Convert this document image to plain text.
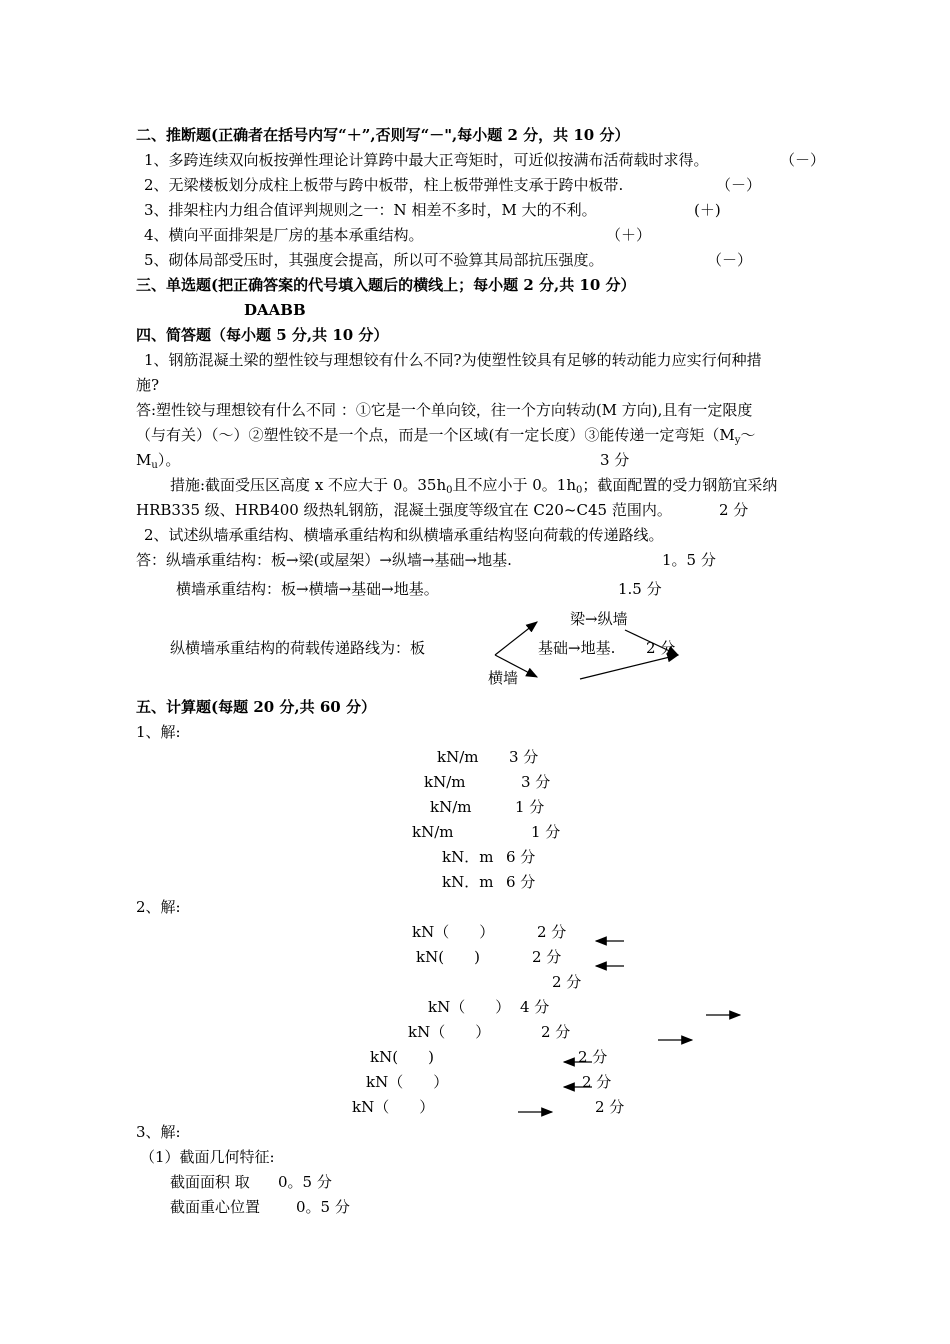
二、推断题(正确者在括号内写“＋”,否则写“－",每小题 2 分，共 10 分）
1、多跨连续双向板按弹性理论计算跨中最大正弯矩时，可近似按满布活荷载时求得。	（－）
2、无梁楼板划分成柱上板带与跨中板带，柱上板带弹性支承于跨中板带.	（－）
3、排架柱内力组合值评判规则之一：N 相差不多时，M 大的不利。	(＋)
4、横向平面排架是厂房的基本承重结构。	（＋）
5、砌体局部受压时，其强度会提高，所以可不验算其局部抗压强度。	（－）
三、单选题(把正确答案的代号填入题后的横线上；每小题 2 分,共 10 分）
DAABB
四、简答题（每小题 5 分,共 10 分）
1、钢筋混凝土梁的塑性铰与理想铰有什么不同?为使塑性铰具有足够的转动能力应实行何种措
施?
答:塑性铰与理想铰有什么不同 ：①它是一个单向铰，往一个方向转动(M 方向),且有一定限度
（与有关）（～）②塑性铰不是一个点，而是一个区域(有一定长度）③能传递一定弯矩（$M_y\sim$
$M_u$）。	3 分
措施:截面受压区高度 x 不应大于 0。$35h_0$且不应小于 0。$1h_0$；截面配置的受力钢筋宜采纳
HRB335 级、HRB400 级热轧钢筋，混凝土强度等级宜在 C20~C45 范围内。	2 分
2、试述纵墙承重结构、横墙承重结构和纵横墙承重结构竖向荷载的传递路线。
答：纵墙承重结构：板→梁(或屋架）→纵墙→基础→地基.	1。5 分
横墙承重结构：板→横墙→基础→地基。	1.5 分
梁→纵墙
纵横墙承重结构的荷载传递路线为：板	基础→地基. 2 分
横墙
五、计算题(每题 20 分,共 60 分）
1、解:
kN/m 3 分
kN/m	3 分
kN/m	1 分
kN/m	1 分
kN．m 6 分
kN．m 6 分
2、解:
kN（　　）	2 分
kN(　　)	2 分
2 分
kN（　　） 4 分
kN（　　）	2 分
kN(　　)	2 分
kN（　　）	2 分
kN（　　）	2 分
3、解:
（1）截面几何特征:
截面面积 取 0。5 分
截面重心位置 0。5 分
